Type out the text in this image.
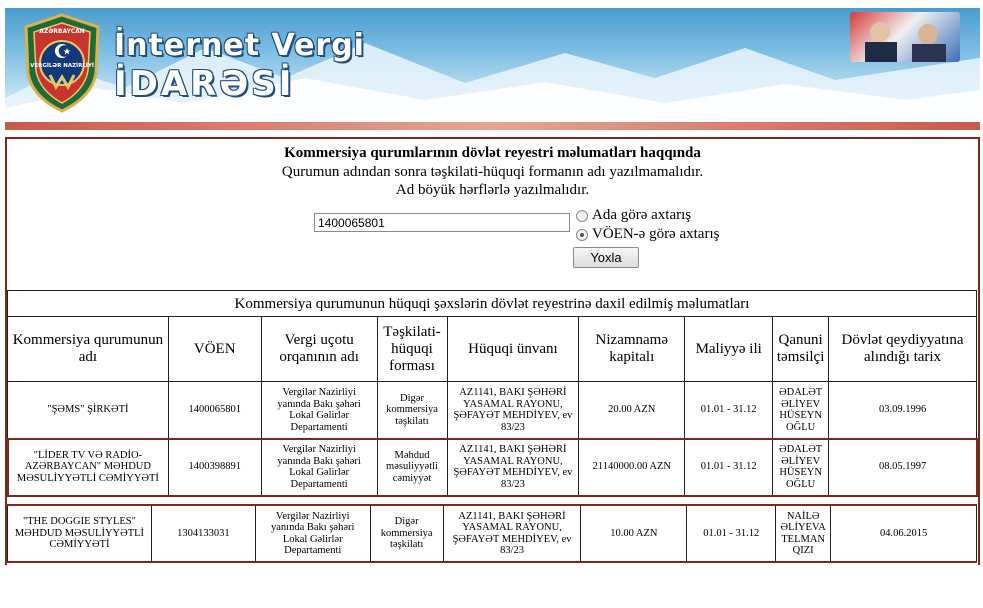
AZƏRBAYCAN
VERGİLƏR NAZİRLİYİ
İnternet Vergi
İDARƏSİ
Kommersiya qurumlarının dövlət reyestri məlumatları haqqında
Qurumun adından sonra təşkilati-hüquqi formanın adı yazılmamalıdır.
Ad böyük hərflərlə yazılmalıdır.
1400065801
Ada görə axtarış
VÖEN-ə görə axtarış
Yoxla
Kommersiya qurumunun hüquqi şəxslərin dövlət reyestrinə daxil edilmiş məlumatları
Kommersiya qurumunun adı	VÖEN	Vergi uçotu orqanının adı	Təşkilati-hüquqi forması	Hüquqi ünvanı	Nizamnamə kapitalı	Maliyyə ili	Qanuni təmsilçi	Dövlət qeydiyyatına alındığı tarix
"ŞƏMS" ŞİRKƏTİ	1400065801	Vergilər Nazirliyi yanında Bakı şəhəri Lokal Gəlirlər Departamenti	Digər kommersiya təşkilatı	AZ1141, BAKI ŞƏHƏRİ YASAMAL RAYONU, ŞƏFAYƏT MEHDİYEV, ev 83/23	20.00 AZN	01.01 - 31.12	ƏDALƏT ƏLİYEV HÜSEYN OĞLU	03.09.1996
"LİDER TV VƏ RADİO-AZƏRBAYCAN" MƏHDUD MƏSULİYYƏTLİ CƏMİYYƏTİ	1400398891	Vergilər Nazirliyi yanında Bakı şəhəri Lokal Gəlirlər Departamenti	Məhdud məsuliyyətli cəmiyyət	AZ1141, BAKI ŞƏHƏRİ YASAMAL RAYONU, ŞƏFAYƏT MEHDİYEV, ev 83/23	21140000.00 AZN	01.01 - 31.12	ƏDALƏT ƏLİYEV HÜSEYN OĞLU	08.05.1997
"THE DOGGIE STYLES" MƏHDUD MƏSULİYYƏTLİ CƏMİYYƏTİ	1304133031	Vergilər Nazirliyi yanında Bakı şəhəri Lokal Gəlirlər Departamenti	Digər kommersiya təşkilatı	AZ1141, BAKI ŞƏHƏRİ YASAMAL RAYONU, ŞƏFAYƏT MEHDİYEV, ev 83/23	10.00 AZN	01.01 - 31.12	NAİLƏ ƏLİYEVA TELMAN QIZI	04.06.2015
